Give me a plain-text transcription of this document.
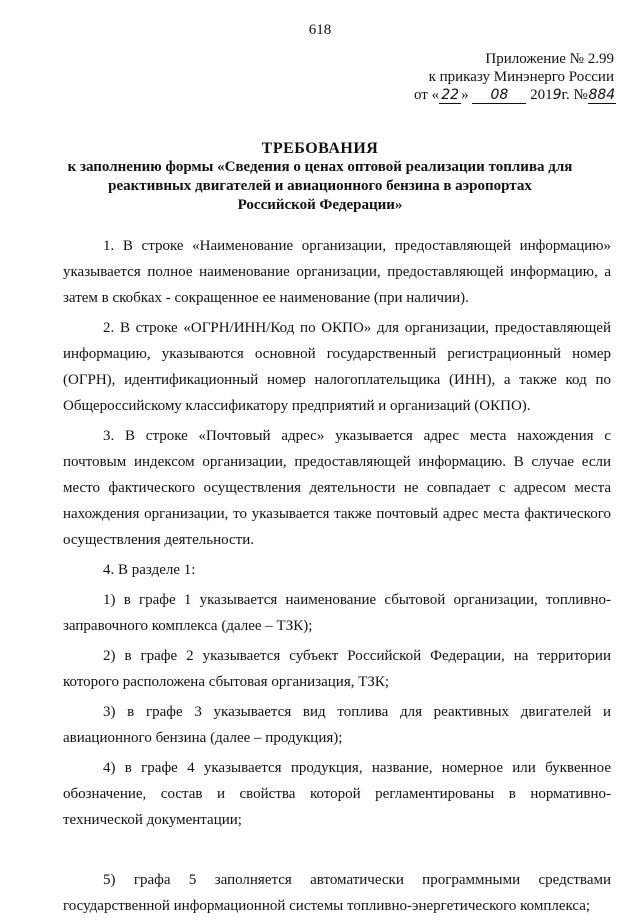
618
Приложение № 2.99
к приказу Минэнерго России
от « 22 » 08 2019г. №884
ТРЕБОВАНИЯ
к заполнению формы «Сведения о ценах оптовой реализации топлива для
реактивных двигателей и авиационного бензина в аэропортах
Российской Федерации»

1. В строке «Наименование организации, предоставляющей информацию» указывается полное наименование организации, предоставляющей информацию, а затем в скобках - сокращенное ее наименование (при наличии).

2. В строке «ОГРН/ИНН/Код по ОКПО» для организации, предоставляющей информацию, указываются основной государственный регистрационный номер (ОГРН), идентификационный номер налогоплательщика (ИНН), а также код по Общероссийскому классификатору предприятий и организаций (ОКПО).

3. В строке «Почтовый адрес» указывается адрес места нахождения с почтовым индексом организации, предоставляющей информацию. В случае если место фактического осуществления деятельности не совпадает с адресом места нахождения организации, то указывается также почтовый адрес места фактического осуществления деятельности.

4. В разделе 1:

1) в графе 1 указывается наименование сбытовой организации, топливно-заправочного комплекса (далее – ТЗК);

2) в графе 2 указывается субъект Российской Федерации, на территории которого расположена сбытовая организация, ТЗК;

3) в графе 3 указывается вид топлива для реактивных двигателей и авиационного бензина (далее – продукция);

4) в графе 4 указывается продукция, название, номерное или буквенное обозначение, состав и свойства которой регламентированы в нормативно-технической документации;

5) графа 5 заполняется автоматически программными средствами государственной информационной системы топливно-энергетического комплекса;
